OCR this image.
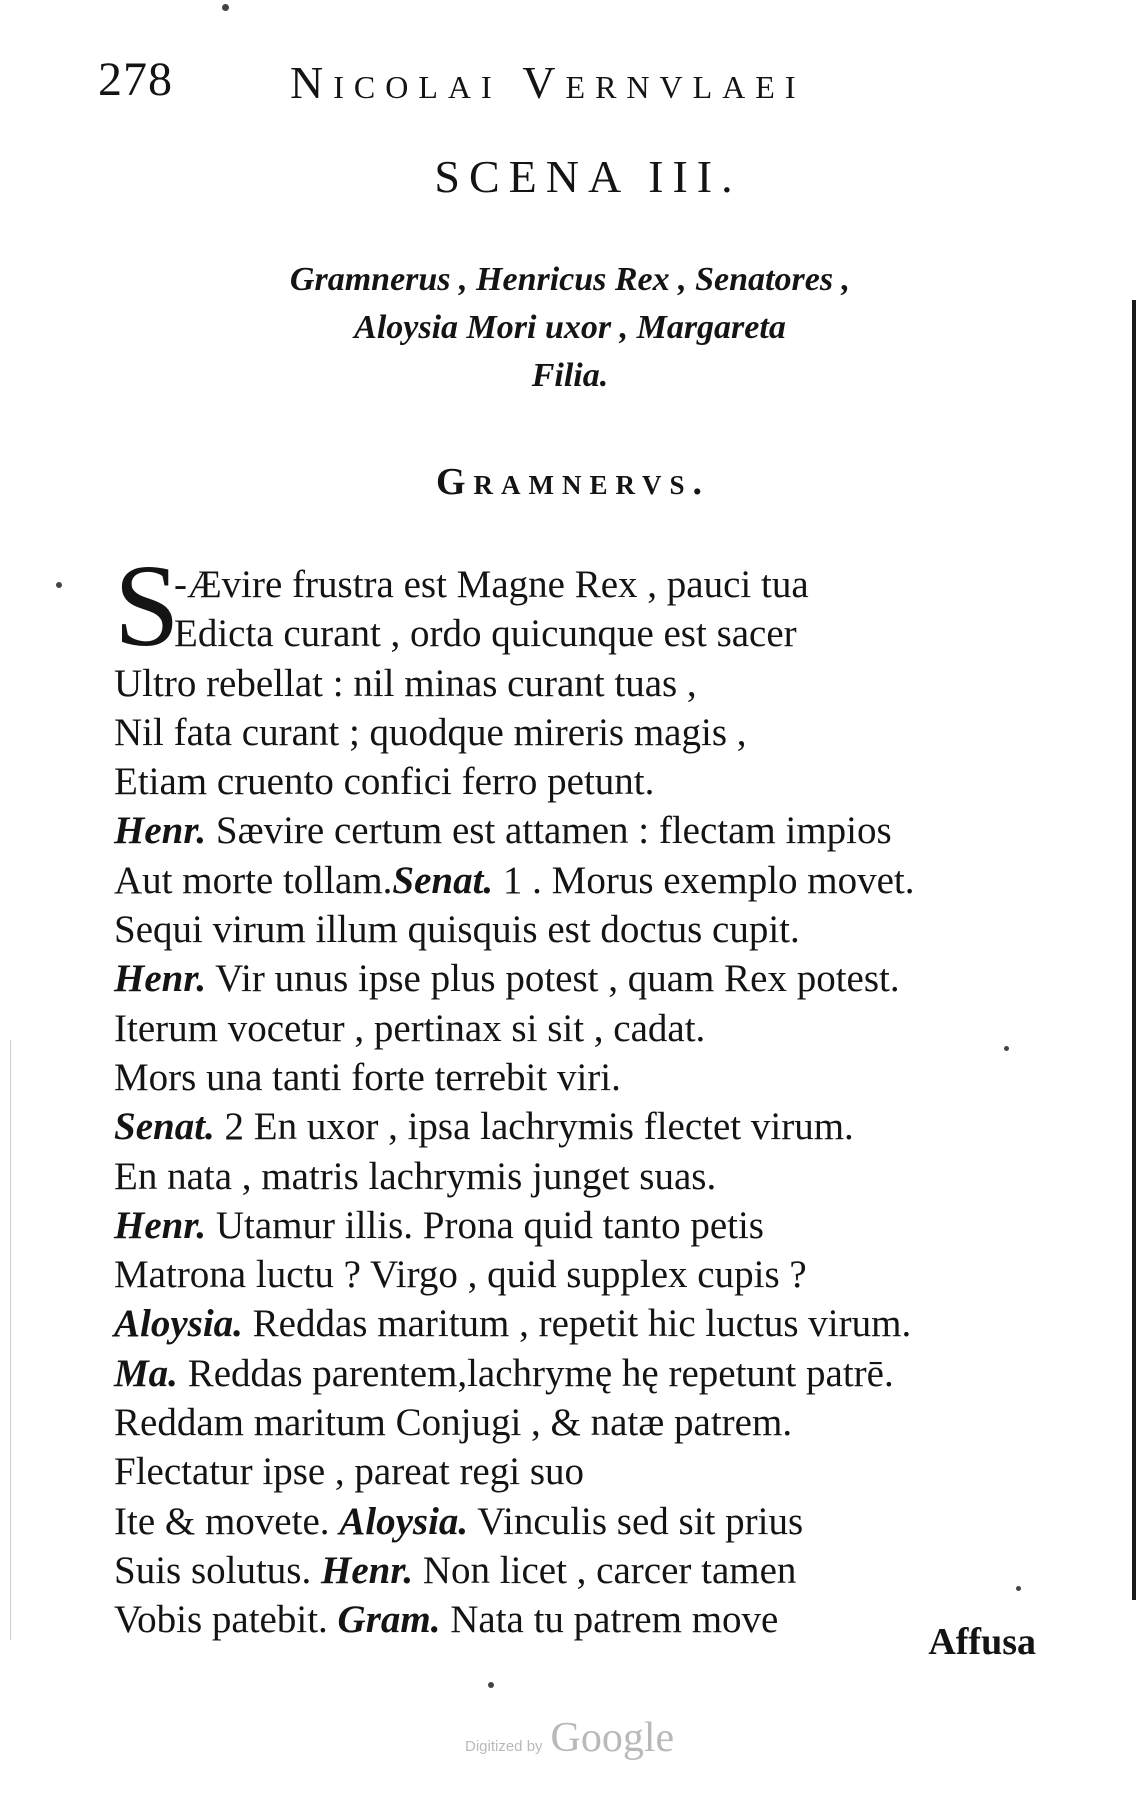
278	Nicolai Vernvlaei
SCENA III.
Gramnerus , Henricus Rex , Senatores ,
Aloysia Mori uxor , Margareta
Filia.
Gramnervs.
S
-Ævire frustra est Magne Rex , pauci tua
Edicta curant , ordo quicunque est sacer
Ultro rebellat : nil minas curant tuas ,
Nil fata curant ; quodque mireris magis ,
Etiam cruento confici ferro petunt.
Henr. Sævire certum est attamen : flectam impios
Aut morte tollam.Senat. 1 . Morus exemplo movet.
Sequi virum illum quisquis est doctus cupit.
Henr. Vir unus ipse plus potest , quam Rex potest.
Iterum vocetur , pertinax si sit , cadat.
Mors una tanti forte terrebit viri.
Senat. 2 En uxor , ipsa lachrymis flectet virum.
En nata , matris lachrymis junget suas.
Henr. Utamur illis. Prona quid tanto petis
Matrona luctu ? Virgo , quid supplex cupis ?
Aloysia. Reddas maritum , repetit hic luctus virum.
Ma. Reddas parentem,lachrymę hę repetunt patrē.
Reddam maritum Conjugi , & natæ patrem.
Flectatur ipse , pareat regi suo
Ite & movete. Aloysia. Vinculis sed sit prius
Suis solutus. Henr. Non licet , carcer tamen
Vobis patebit. Gram. Nata tu patrem move
Affusa
Digitized by Google
